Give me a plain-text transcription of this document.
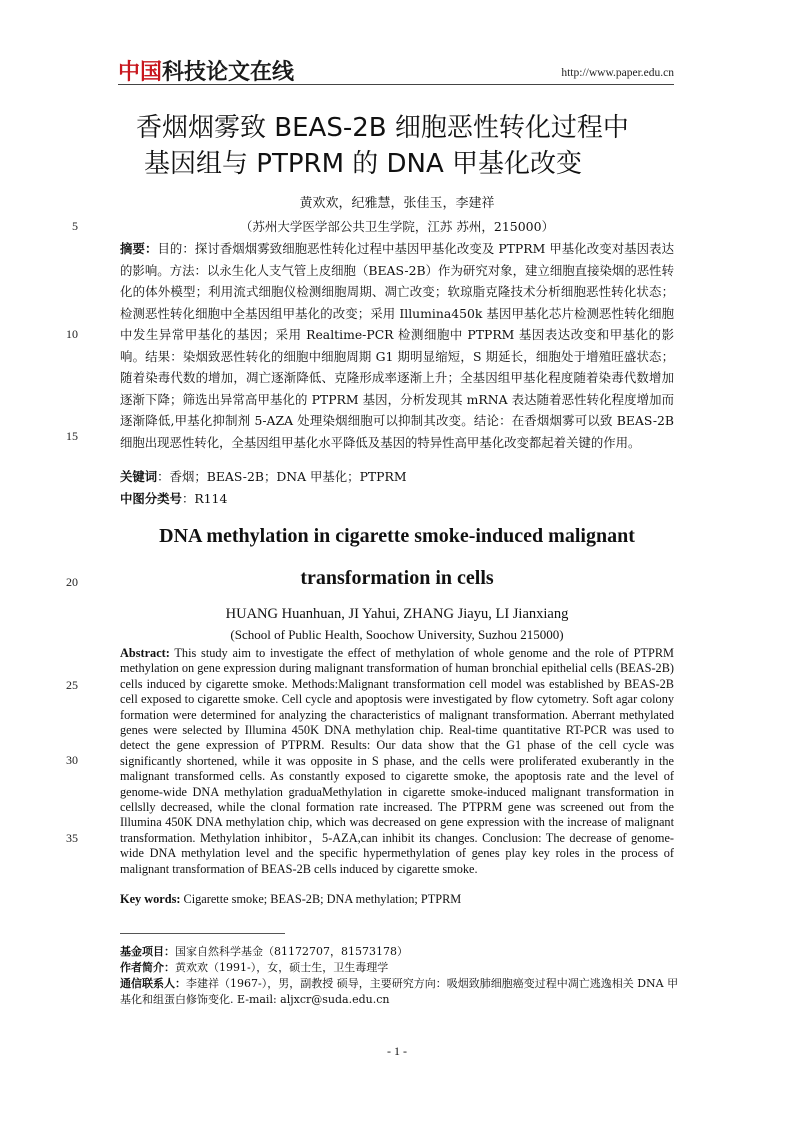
中国 科技论文在线	http://www.paper.edu.cn
香烟烟雾致 BEAS-2B 细胞恶性转化过程中
基因组与 PTPRM 的 DNA 甲基化改变
黄欢欢，纪雅慧，张佳玉，李建祥
（苏州大学医学部公共卫生学院，江苏 苏州，215000）
5
10
15
20
25
30
35
摘要：目的：探讨香烟烟雾致细胞恶性转化过程中基因甲基化改变及 PTPRM 甲基化改变对基因表达的影响。方法：以永生化人支气管上皮细胞（BEAS-2B）作为研究对象，建立细胞直接染烟的恶性转化的体外模型；利用流式细胞仪检测细胞周期、凋亡改变；软琼脂克隆技术分析细胞恶性转化状态；检测恶性转化细胞中全基因组甲基化的改变；采用 Illumina450k 基因甲基化芯片检测恶性转化细胞中发生异常甲基化的基因；采用 Realtime-PCR 检测细胞中 PTPRM 基因表达改变和甲基化的影响。结果：染烟致恶性转化的细胞中细胞周期 G1 期明显缩短，S 期延长，细胞处于增殖旺盛状态；随着染毒代数的增加，凋亡逐渐降低、克隆形成率逐渐上升；全基因组甲基化程度随着染毒代数增加逐渐下降；筛选出异常高甲基化的 PTPRM 基因，分析发现其 mRNA 表达随着恶性转化程度增加而逐渐降低,甲基化抑制剂 5-AZA 处理染烟细胞可以抑制其改变。结论：在香烟烟雾可以致 BEAS-2B 细胞出现恶性转化，全基因组甲基化水平降低及基因的特异性高甲基化改变都起着关键的作用。
关键词：香烟；BEAS-2B；DNA 甲基化；PTPRM
中图分类号：R114
DNA methylation in cigarette smoke-induced malignant
transformation in cells
HUANG Huanhuan, JI Yahui, ZHANG Jiayu, LI Jianxiang
(School of Public Health, Soochow University, Suzhou 215000)
Abstract: This study aim to investigate the effect of methylation of whole genome and the role of PTPRM methylation on gene expression during malignant transformation of human bronchial epithelial cells (BEAS-2B) cells induced by cigarette smoke. Methods:Malignant transformation cell model was established by BEAS-2B cell exposed to cigarette smoke. Cell cycle and apoptosis were investigated by flow cytometry. Soft agar colony formation were determined for analyzing the characteristics of malignant transformation. Aberrant methylated genes were selected by Illumina 450K DNA methylation chip. Real-time quantitative RT-PCR was used to detect the gene expression of PTPRM. Results: Our data show that the G1 phase of the cell cycle was significantly shortened, while it was opposite in S phase, and the cells were proliferated exuberantly in the malignant transformed cells. As constantly exposed to cigarette smoke, the apoptosis rate and the level of genome-wide DNA methylation graduaMethylation in cigarette smoke-induced malignant transformation in cellslly decreased, while the clonal formation rate increased. The PTPRM gene was screened out from the Illumina 450K DNA methylation chip, which was decreased on gene expression with the increase of malignant transformation. Methylation inhibitor，5-AZA,can inhibit its changes. Conclusion: The decrease of genome-wide DNA methylation level and the specific hypermethylation of genes play key roles in the process of malignant transformation of BEAS-2B cells induced by cigarette smoke.
Key words: Cigarette smoke; BEAS-2B; DNA methylation; PTPRM
基金项目：国家自然科学基金（81172707，81573178）
作者简介：黄欢欢（1991-），女，硕士生，卫生毒理学
通信联系人：李建祥（1967-），男，副教授 硕导，主要研究方向：吸烟致肺细胞癌变过程中凋亡逃逸相关 DNA 甲基化和组蛋白修饰变化. E-mail: aljxcr@suda.edu.cn
- 1 -
